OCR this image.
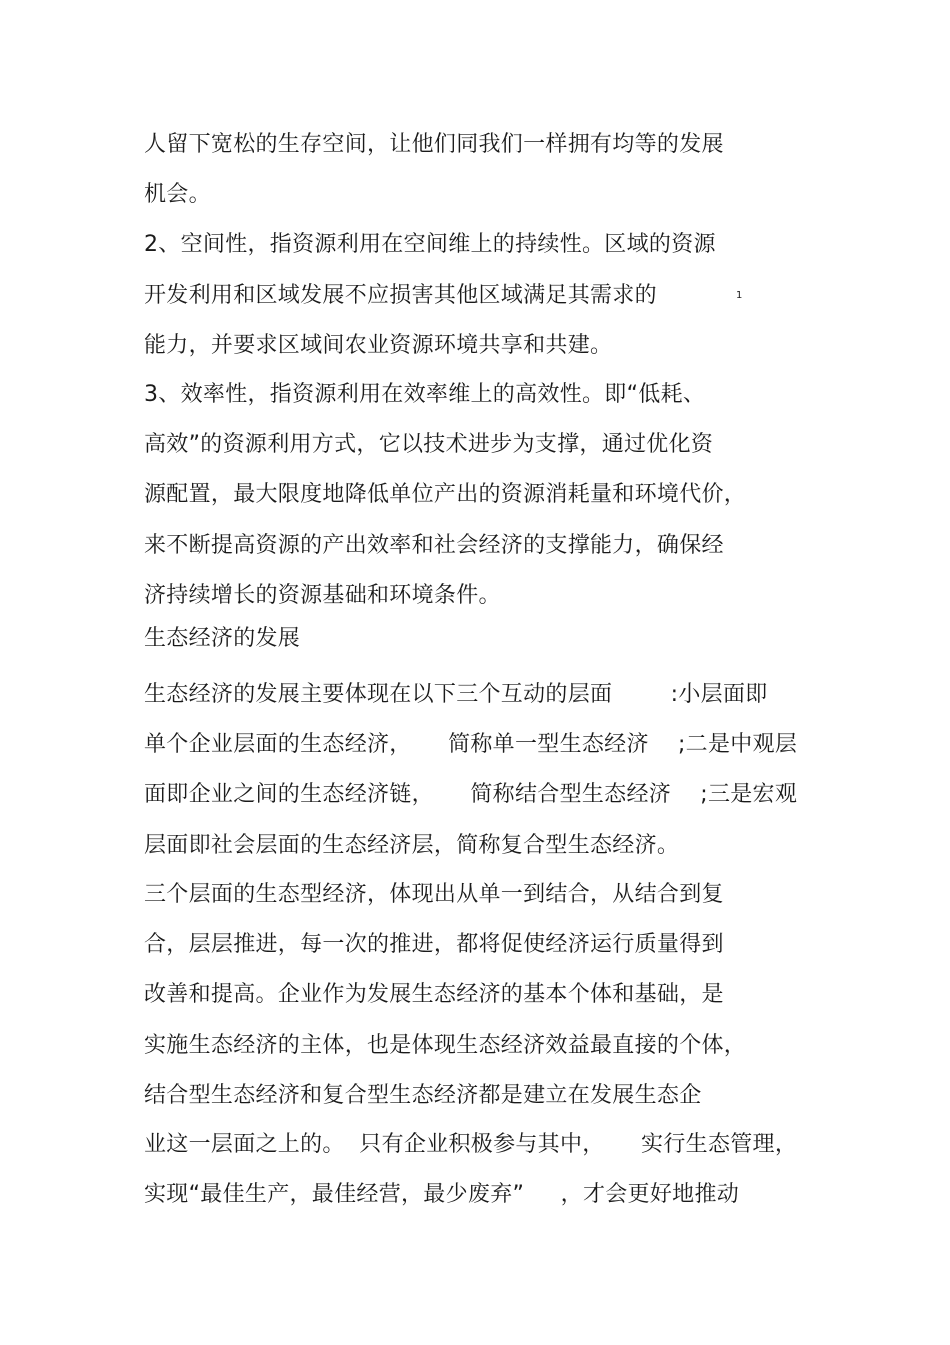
人留下宽松的生存空间，让他们同我们一样拥有均等的发展
机会。
2、空间性，指资源利用在空间维上的持续性。区域的资源
开发利用和区域发展不应损害其他区域满足其需求的
能力，并要求区域间农业资源环境共享和共建。
3、效率性，指资源利用在效率维上的高效性。即“低耗、
高效”的资源利用方式，它以技术进步为支撑，通过优化资
源配置，最大限度地降低单位产出的资源消耗量和环境代价，
来不断提高资源的产出效率和社会经济的支撑能力，确保经
济持续增长的资源基础和环境条件。
生态经济的发展
生态经济的发展主要体现在以下三个互动的层面        :小层面即
单个企业层面的生态经济，     简称单一型生态经济    ;二是中观层
面即企业之间的生态经济链，     简称结合型生态经济    ;三是宏观
层面即社会层面的生态经济层，简称复合型生态经济。
三个层面的生态型经济，体现出从单一到结合，从结合到复
合，层层推进，每一次的推进，都将促使经济运行质量得到
改善和提高。企业作为发展生态经济的基本个体和基础，是
实施生态经济的主体，也是体现生态经济效益最直接的个体，
结合型生态经济和复合型生态经济都是建立在发展生态企
业这一层面之上的。  只有企业积极参与其中，     实行生态管理，
实现“最佳生产，最佳经营，最少废弃”     ，才会更好地推动
1
